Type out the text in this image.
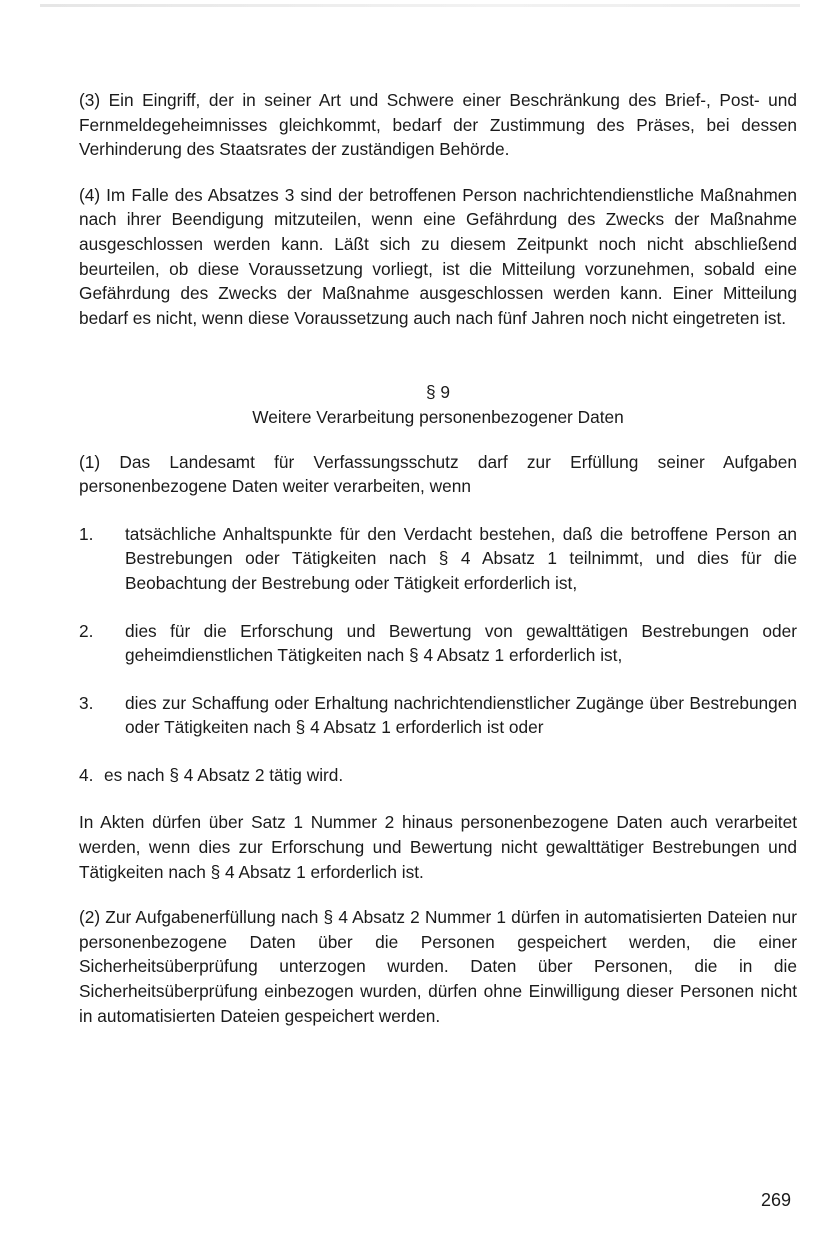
(3) Ein Eingriff, der in seiner Art und Schwere einer Beschränkung des Brief-, Post- und Fernmeldegeheimnisses gleichkommt, bedarf der Zustimmung des Präses, bei dessen Verhinderung des Staatsrates der zuständigen Behörde.

(4) Im Falle des Absatzes 3 sind der betroffenen Person nachrichtendienstliche Maßnahmen nach ihrer Beendigung mitzuteilen, wenn eine Gefährdung des Zwecks der Maßnahme ausgeschlossen werden kann. Läßt sich zu diesem Zeitpunkt noch nicht abschließend beurteilen, ob diese Voraussetzung vorliegt, ist die Mitteilung vorzunehmen, sobald eine Gefährdung des Zwecks der Maßnahme ausgeschlossen werden kann. Einer Mitteilung bedarf es nicht, wenn diese Voraussetzung auch nach fünf Jahren noch nicht eingetreten ist.

§ 9

Weitere Verarbeitung personenbezogener Daten

(1) Das Landesamt für Verfassungsschutz darf zur Erfüllung seiner Aufgaben personenbezogene Daten weiter verarbeiten, wenn

1. tatsächliche Anhaltspunkte für den Verdacht bestehen, daß die betroffene Person an Bestrebungen oder Tätigkeiten nach § 4 Absatz 1 teilnimmt, und dies für die Beobachtung der Bestrebung oder Tätigkeit erforderlich ist,
2. dies für die Erforschung und Bewertung von gewalttätigen Bestrebungen oder geheimdienstlichen Tätigkeiten nach § 4 Absatz 1 erforderlich ist,
3. dies zur Schaffung oder Erhaltung nachrichtendienstlicher Zugänge über Bestrebungen oder Tätigkeiten nach § 4 Absatz 1 erforderlich ist oder

4. es nach § 4 Absatz 2 tätig wird.

In Akten dürfen über Satz 1 Nummer 2 hinaus personenbezogene Daten auch verarbeitet werden, wenn dies zur Erforschung und Bewertung nicht gewalttätiger Bestrebungen und Tätigkeiten nach § 4 Absatz 1 erforderlich ist.

(2) Zur Aufgabenerfüllung nach § 4 Absatz 2 Nummer 1 dürfen in automatisierten Dateien nur personenbezogene Daten über die Personen gespeichert werden, die einer Sicherheitsüberprüfung unterzogen wurden. Daten über Personen, die in die Sicherheitsüberprüfung einbezogen wurden, dürfen ohne Einwilligung dieser Personen nicht in automatisierten Dateien gespeichert werden.

269
